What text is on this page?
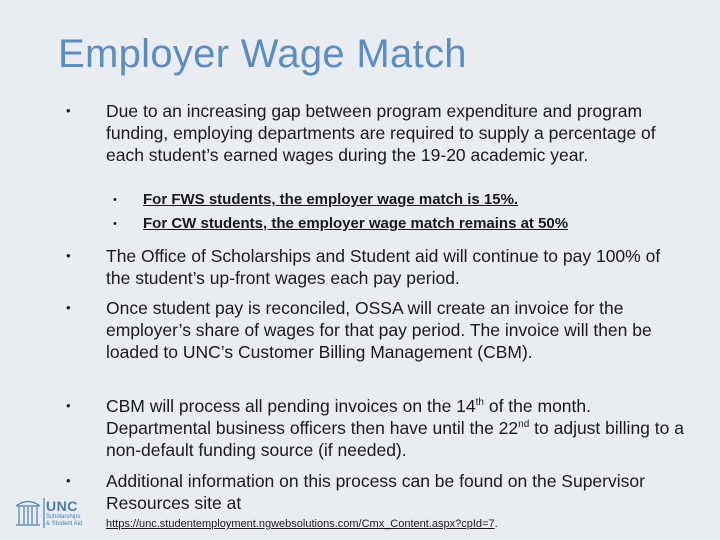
Employer Wage Match
• Due to an increasing gap between program expenditure and program funding, employing departments are required to supply a percentage of each student’s earned wages during the 19-20 academic year.
• For FWS students, the employer wage match is 15%.
• For CW students, the employer wage match remains at 50%
• The Office of Scholarships and Student aid will continue to pay 100% of the student’s up-front wages each pay period.
• Once student pay is reconciled, OSSA will create an invoice for the employer’s share of wages for that pay period. The invoice will then be loaded to UNC’s Customer Billing Management (CBM).
• CBM will process all pending invoices on the 14th of the month. Departmental business officers then have until the 22nd to adjust billing to a non-default funding source (if needed).
• Additional information on this process can be found on the Supervisor Resources site at
https://unc.studentemployment.ngwebsolutions.com/Cmx_Content.aspx?cpId=7.
UNC
Scholarships
& Student Aid
